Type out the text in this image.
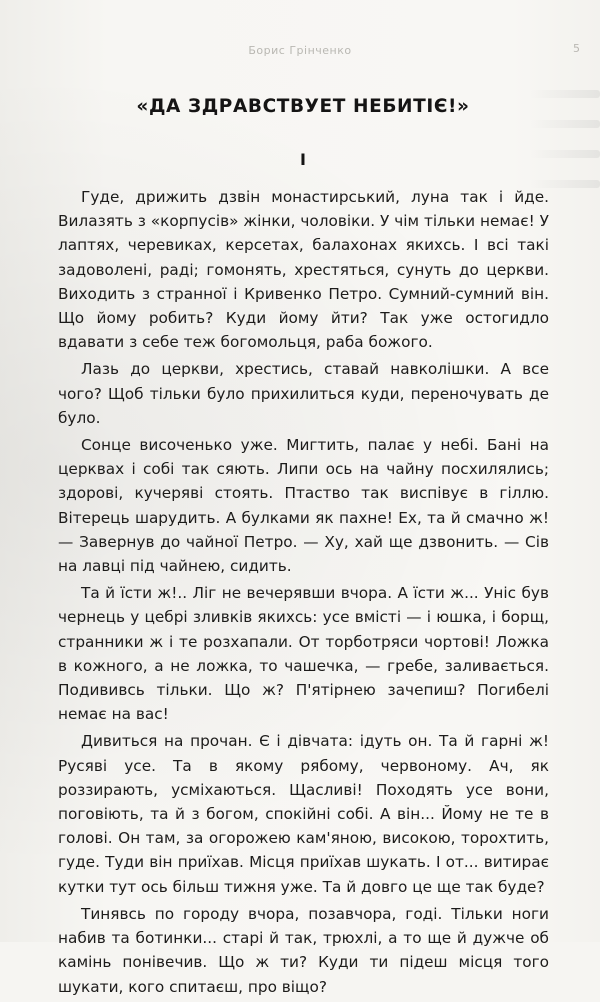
Борис Грінченко	5
«ДА ЗДРАВСТВУЕТ НЕБИТІЄ!»
I

Гуде, дрижить дзвін монастирський, луна так і йде. Вилазять з «корпусів» жінки, чоловіки. У чім тільки немає! У лаптях, черевиках, керсетах, балахонах якихсь. І всі такі задоволені, раді; гомонять, хрестяться, сунуть до церкви. Виходить з странної і Кривенко Петро. Сумний-сумний він. Що йому робить? Куди йому йти? Так уже остогидло вдавати з себе теж богомольця, раба божого.

Лазь до церкви, хрестись, ставай навколішки. А все чого? Щоб тільки було прихилиться куди, переночувать де було.

Сонце височенько уже. Мигтить, палає у небі. Бані на церквах і собі так сяють. Липи ось на чайну посхилялись; здорові, кучеряві стоять. Птаство так виспівує в гіллю. Вітерець шарудить. А булками як пахне! Ех, та й смачно ж! — Завернув до чайної Петро. — Ху, хай ще дзвонить. — Сів на лавці під чайнею, сидить.

Та й їсти ж!.. Ліг не вечерявши вчора. А їсти ж... Уніс був чернець у цебрі зливків якихсь: усе вмісті — і юшка, і борщ, странники ж і те розхапали. От торботряси чортові! Ложка в кожного, а не ложка, то чашечка, — гребе, заливається. Подививсь тільки. Що ж? П'ятірнею зачепиш? Погибелі немає на вас!

Дивиться на прочан. Є і дівчата: ідуть он. Та й гарні ж! Русяві усе. Та в якому рябому, червоному. Ач, як роззирають, усміхаються. Щасливі! Походять усе вони, поговіють, та й з богом, спокійні собі. А він... Йому не те в голові. Он там, за огорожею кам'яною, високою, торохтить, гуде. Туди він приїхав. Місця приїхав шукать. І от... витирає кутки тут ось більш тижня уже. Та й довго це ще так буде?

Тинявсь по городу вчора, позавчора, годі. Тільки ноги набив та ботинки... старі й так, трюхлі, а то ще й дужче об камінь понівечив. Що ж ти? Куди ти підеш місця того шукати, кого спитаєш, про віщо?
